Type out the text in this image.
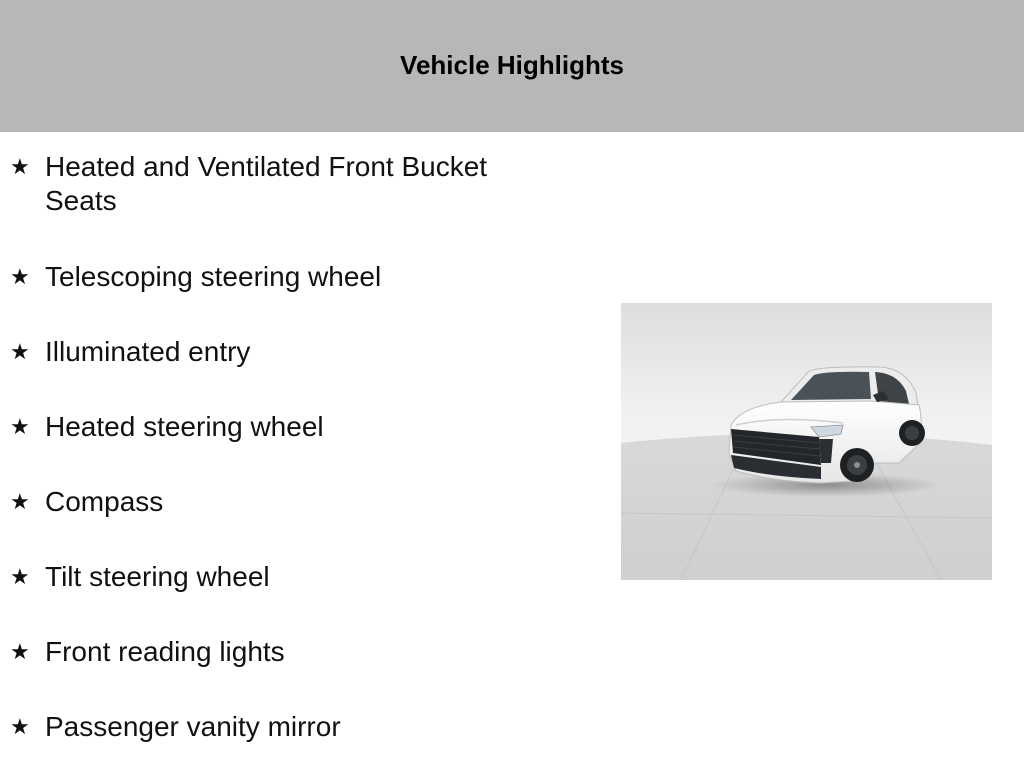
Vehicle Highlights
★ Heated and Ventilated Front Bucket Seats
★ Telescoping steering wheel
★ Illuminated entry
★ Heated steering wheel
★ Compass
★ Tilt steering wheel
★ Front reading lights
★ Passenger vanity mirror
